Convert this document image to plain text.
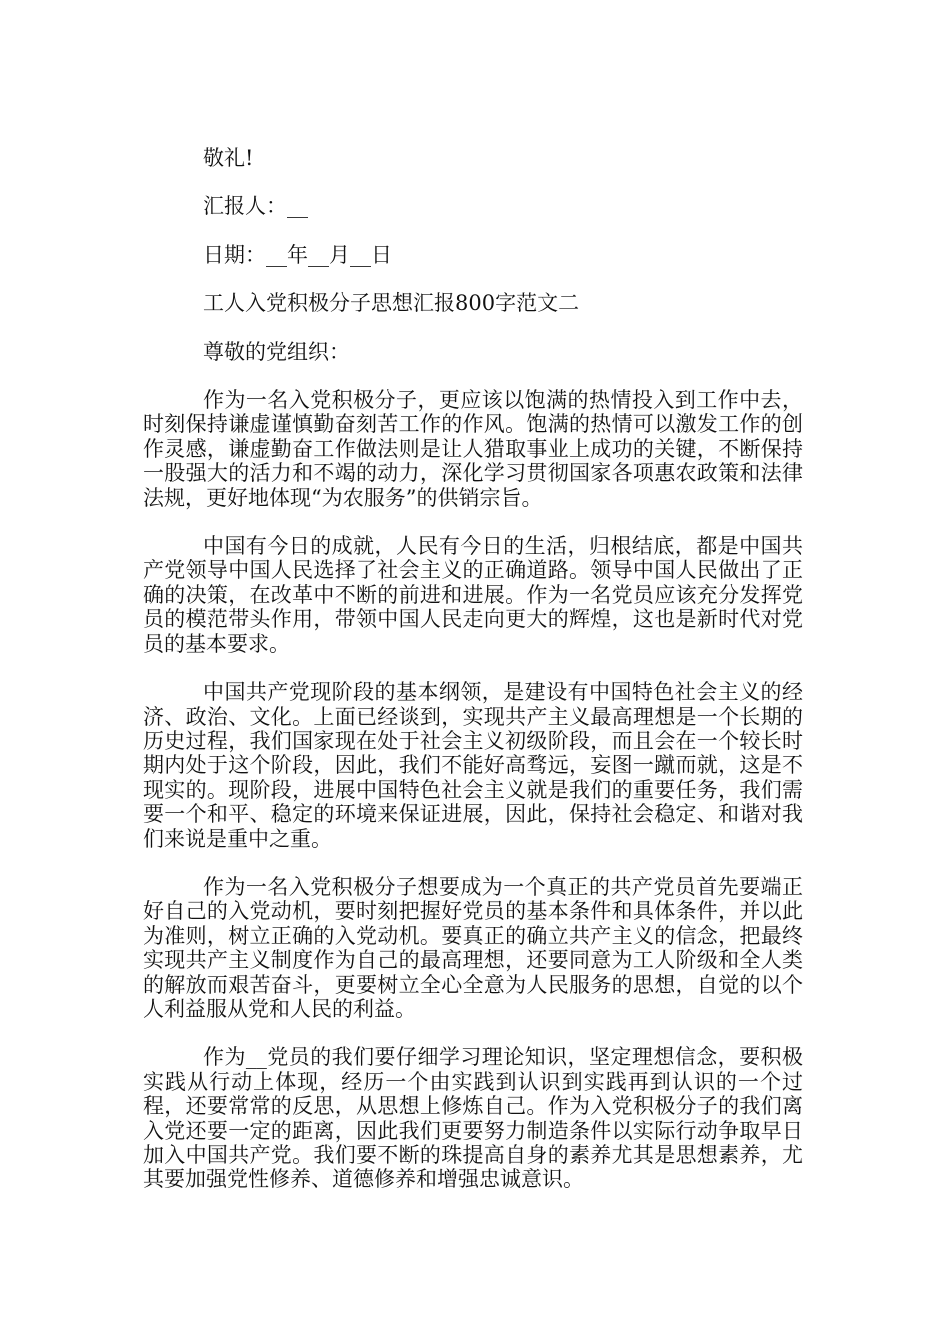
敬礼!
汇报人：__
日期：__年__月__日
工人入党积极分子思想汇报800字范文二
尊敬的党组织：
作为一名入党积极分子，更应该以饱满的热情投入到工作中去，时刻保持谦虚谨慎勤奋刻苦工作的作风。饱满的热情可以激发工作的创作灵感，谦虚勤奋工作做法则是让人猎取事业上成功的关键，不断保持一股强大的活力和不竭的动力，深化学习贯彻国家各项惠农政策和法律法规，更好地体现“为农服务”的供销宗旨。
中国有今日的成就，人民有今日的生活，归根结底，都是中国共产党领导中国人民选择了社会主义的正确道路。领导中国人民做出了正确的决策，在改革中不断的前进和进展。作为一名党员应该充分发挥党员的模范带头作用，带领中国人民走向更大的辉煌，这也是新时代对党员的基本要求。
中国共产党现阶段的基本纲领，是建设有中国特色社会主义的经济、政治、文化。上面已经谈到，实现共产主义最高理想是一个长期的历史过程，我们国家现在处于社会主义初级阶段，而且会在一个较长时期内处于这个阶段，因此，我们不能好高骛远，妄图一蹴而就，这是不现实的。现阶段，进展中国特色社会主义就是我们的重要任务，我们需要一个和平、稳定的环境来保证进展，因此，保持社会稳定、和谐对我们来说是重中之重。
作为一名入党积极分子想要成为一个真正的共产党员首先要端正好自己的入党动机，要时刻把握好党员的基本条件和具体条件，并以此为准则，树立正确的入党动机。要真正的确立共产主义的信念，把最终实现共产主义制度作为自己的最高理想，还要同意为工人阶级和全人类的解放而艰苦奋斗，更要树立全心全意为人民服务的思想，自觉的以个人利益服从党和人民的利益。
作为__党员的我们要仔细学习理论知识，坚定理想信念，要积极实践从行动上体现，经历一个由实践到认识到实践再到认识的一个过程，还要常常的反思，从思想上修炼自己。作为入党积极分子的我们离入党还要一定的距离，因此我们更要努力制造条件以实际行动争取早日加入中国共产党。我们要不断的珠提高自身的素养尤其是思想素养，尤其要加强党性修养、道德修养和增强忠诚意识。
